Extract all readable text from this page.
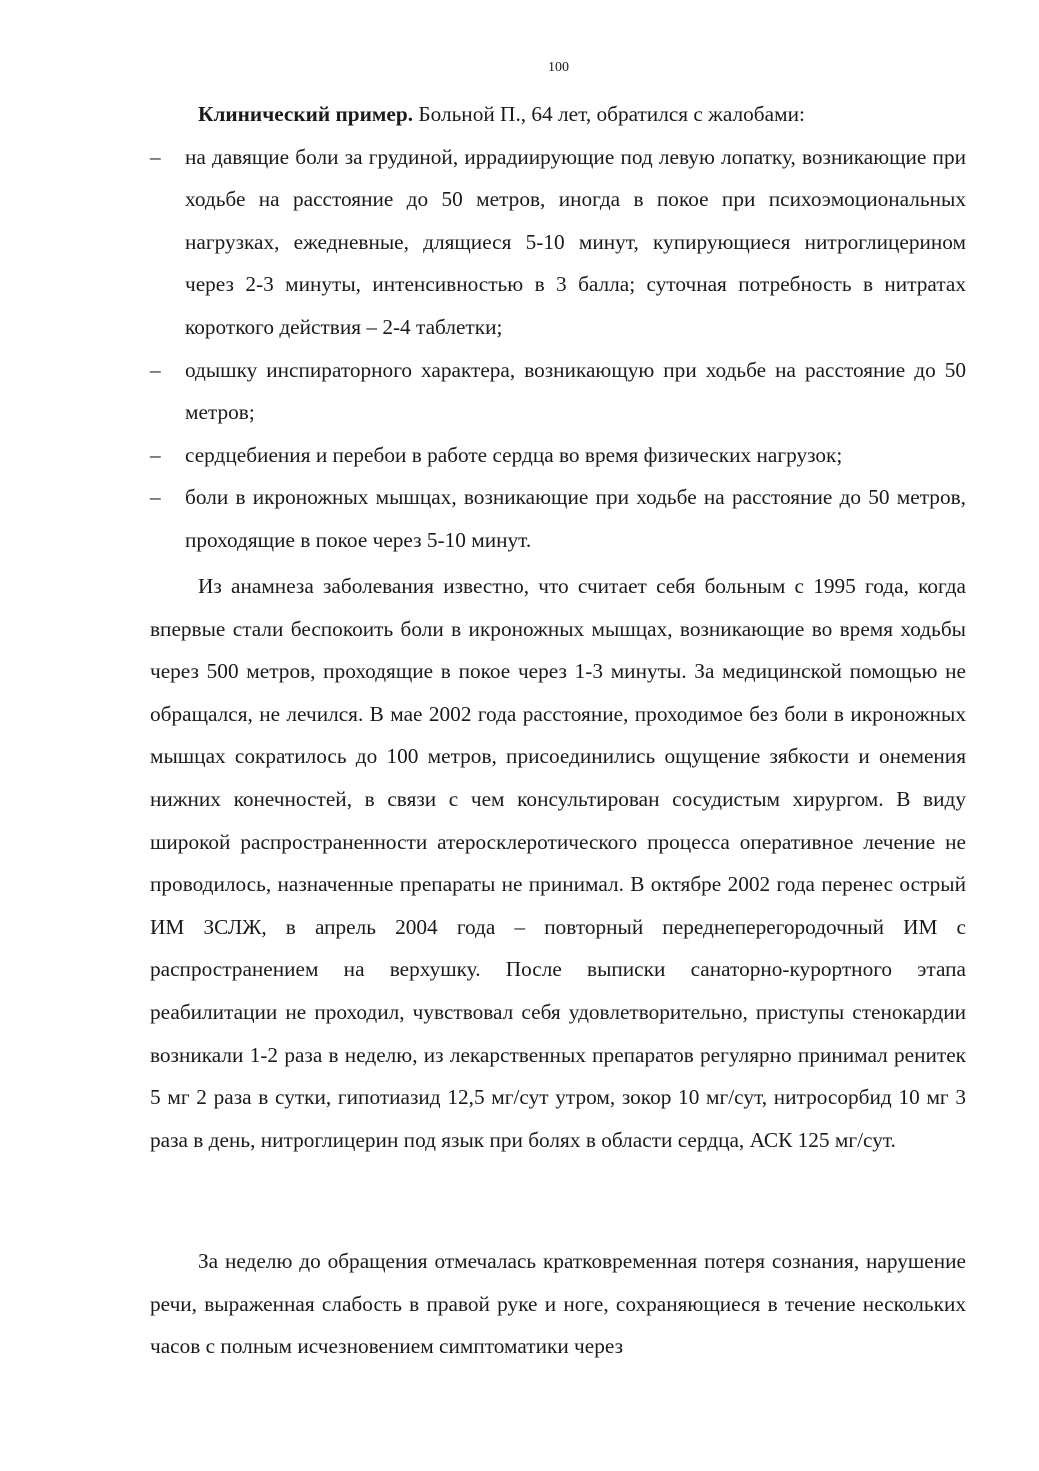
100

Клинический пример. Больной П., 64 лет, обратился с жалобами:

– на давящие боли за грудиной, иррадиирующие под левую лопатку, возникающие при ходьбе на расстояние до 50 метров, иногда в покое при психоэмоциональных нагрузках, ежедневные, длящиеся 5-10 минут, купирующиеся нитроглицерином через 2-3 минуты, интенсивностью в 3 балла; суточная потребность в нитратах короткого действия – 2-4 таблетки;
– одышку инспираторного характера, возникающую при ходьбе на расстояние до 50 метров;
– сердцебиения и перебои в работе сердца во время физических нагрузок;
– боли в икроножных мышцах, возникающие при ходьбе на расстояние до 50 метров, проходящие в покое через 5-10 минут.

Из анамнеза заболевания известно, что считает себя больным с 1995 года, когда впервые стали беспокоить боли в икроножных мышцах, возникающие во время ходьбы через 500 метров, проходящие в покое через 1-3 минуты. За медицинской помощью не обращался, не лечился. В мае 2002 года расстояние, проходимое без боли в икроножных мышцах сократилось до 100 метров, присоединились ощущение зябкости и онемения нижних конечностей, в связи с чем консультирован сосудистым хирургом. В виду широкой распространенности атеросклеротического процесса оперативное лечение не проводилось, назначенные препараты не принимал. В октябре 2002 года перенес острый ИМ ЗСЛЖ, в апрель 2004 года – повторный переднеперегородочный ИМ с распространением на верхушку. После выписки санаторно-курортного этапа реабилитации не проходил, чувствовал себя удовлетворительно, приступы стенокардии возникали 1-2 раза в неделю, из лекарственных препаратов регулярно принимал ренитек 5 мг 2 раза в сутки, гипотиазид 12,5 мг/сут утром, зокор 10 мг/сут, нитросорбид 10 мг 3 раза в день, нитроглицерин под язык при болях в области сердца, АСК 125 мг/сут.

За неделю до обращения отмечалась кратковременная потеря сознания, нарушение речи, выраженная слабость в правой руке и ноге, сохраняющиеся в течение нескольких часов с полным исчезновением симптоматики через
